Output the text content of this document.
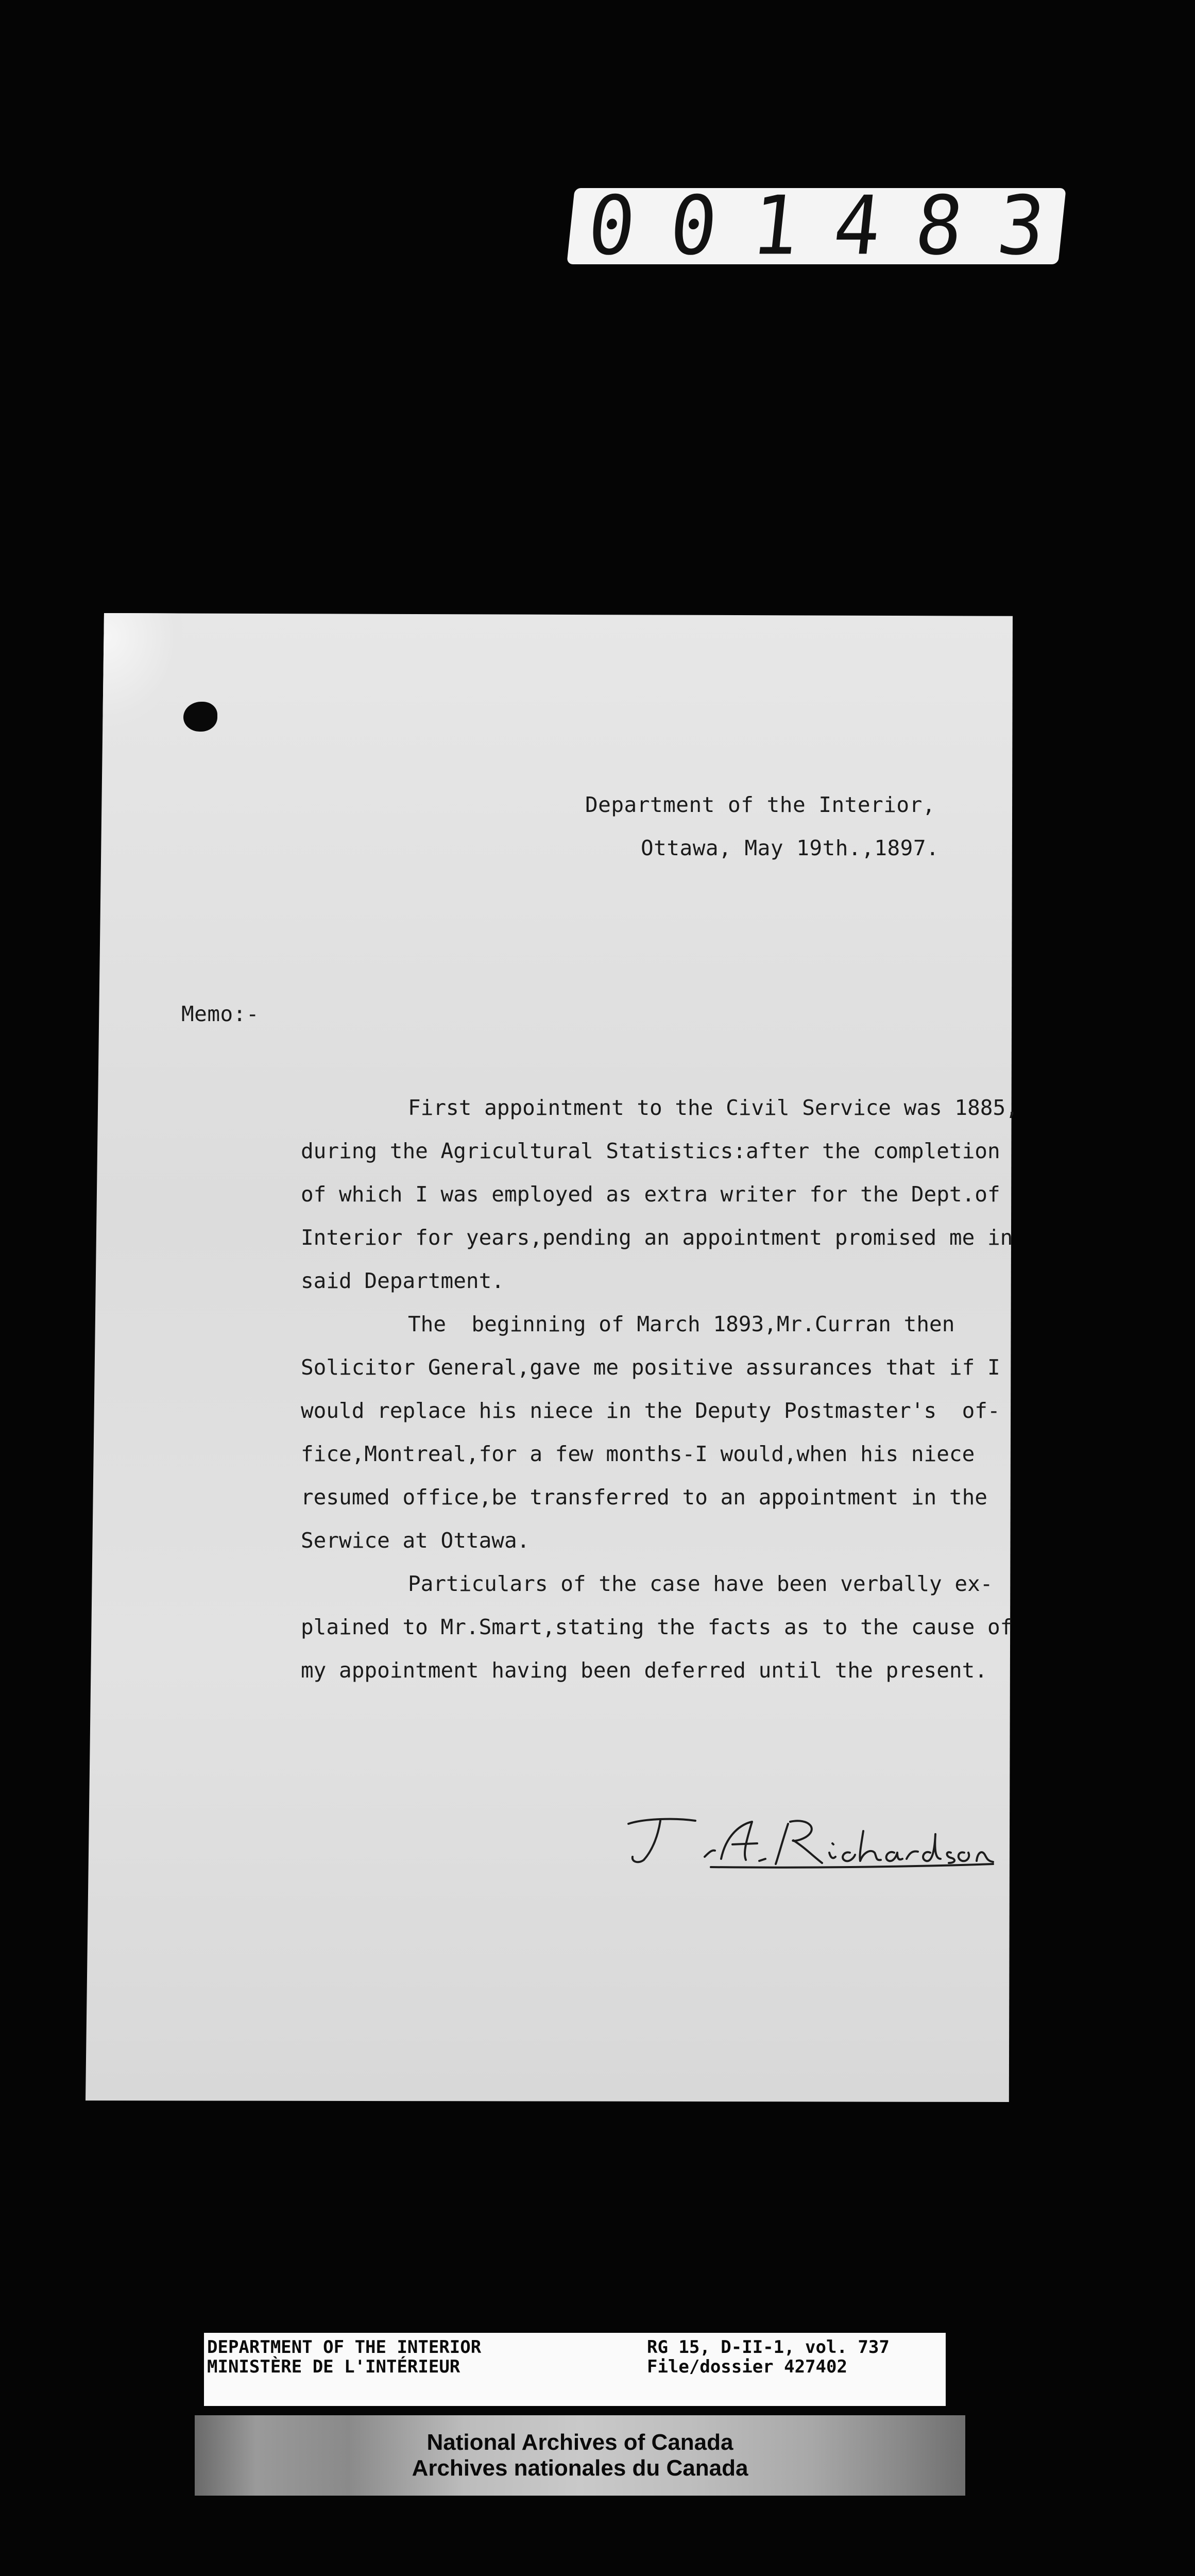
0 0 1 4 8 3
Department of the Interior,
Ottawa, May 19th.,1897.
Memo:-
First appointment to the Civil Service was 1885,
during the Agricultural Statistics:after the completion
of which I was employed as extra writer for the Dept.of
Interior for years,pending an appointment promised me in
said Department.
The  beginning of March 1893,Mr.Curran then
Solicitor General,gave me positive assurances that if I
would replace his niece in the Deputy Postmaster's  of-
fice,Montreal,for a few months-I would,when his niece
resumed office,be transferred to an appointment in the
Serwice at Ottawa.
Particulars of the case have been verbally ex-
plained to Mr.Smart,stating the facts as to the cause of
my appointment having been deferred until the present.
DEPARTMENT OF THE INTERIOR
MINISTÈRE DE L'INTÉRIEUR
RG 15, D-II-1, vol. 737
File/dossier 427402
National Archives of Canada
Archives nationales du Canada
